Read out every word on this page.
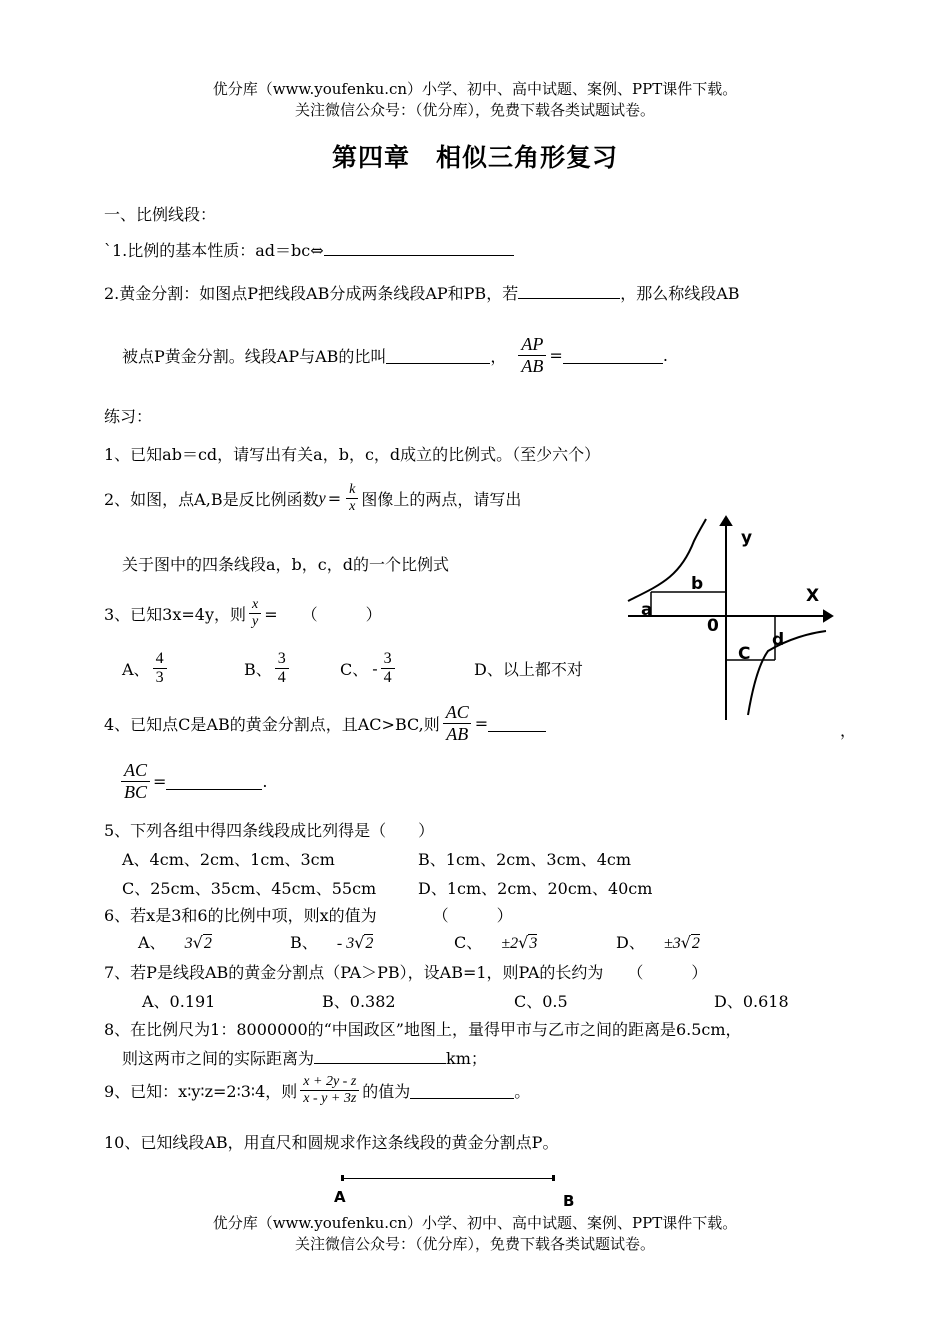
优分库（www.youfenku.cn）小学、初中、高中试题、案例、PPT课件下载。
关注微信公众号：（优分库），免费下载各类试题试卷。
第四章　相似三角形复习
一、比例线段：
`1.比例的基本性质：ad＝bc⇔
2.黄金分割：如图点P把线段AB分成两条线段AP和PB，若	，那么称线段AB
被点P黄金分割。线段AP与AB的比叫	， $\frac{AP}{AB}$ =	.
练习：
1、已知ab＝cd，请写出有关a，b，c，d成立的比例式。（至少六个）
2、如图，点A,B是反比例函数 $y = \frac{k}{x}$ 图像上的两点，请写出
关于图中的四条线段a，b，c，d的一个比例式
3、已知3x=4y，则 $\frac{x}{y}$ =　　（　　　）
A、 $\frac{4}{3}$	B、 $\frac{3}{4}$	C、 - $\frac{3}{4}$	D、以上都不对
4、已知点C是AB的黄金分割点，且AC>BC,则 $\frac{AC}{AB}$ =	，
$\frac{AC}{BC}$ =	.
5、下列各组中得四条线段成比列得是（　　）
A、4cm、2cm、1cm、3cm	B、1cm、2cm、3cm、4cm
C、25cm、35cm、45cm、55cm	D、1cm、2cm、20cm、40cm
6、若x是3和6的比例中项，则x的值为　　　　（　　　）
A、 3√2	B、 - 3√2	C、 ±2√3	D、 ±3√2
7、若P是线段AB的黄金分割点（PA＞PB），设AB=1，则PA的长约为　　（　　　）
A、0.191	B、0.382	C、0.5	D、0.618
8、在比例尺为1：8000000的“中国政区”地图上，量得甲市与乙市之间的距离是6.5cm，
则这两市之间的实际距离为	km；
9、已知：x∶y∶z=2∶3∶4，则 $\frac{x + 2y - z}{x - y + 3z}$ 的值为	。
10、已知线段AB，用直尺和圆规求作这条线段的黄金分割点P。
A	B
优分库（www.youfenku.cn）小学、初中、高中试题、案例、PPT课件下载。
关注微信公众号：（优分库），免费下载各类试题试卷。
y
X
0
a
b
C
d
